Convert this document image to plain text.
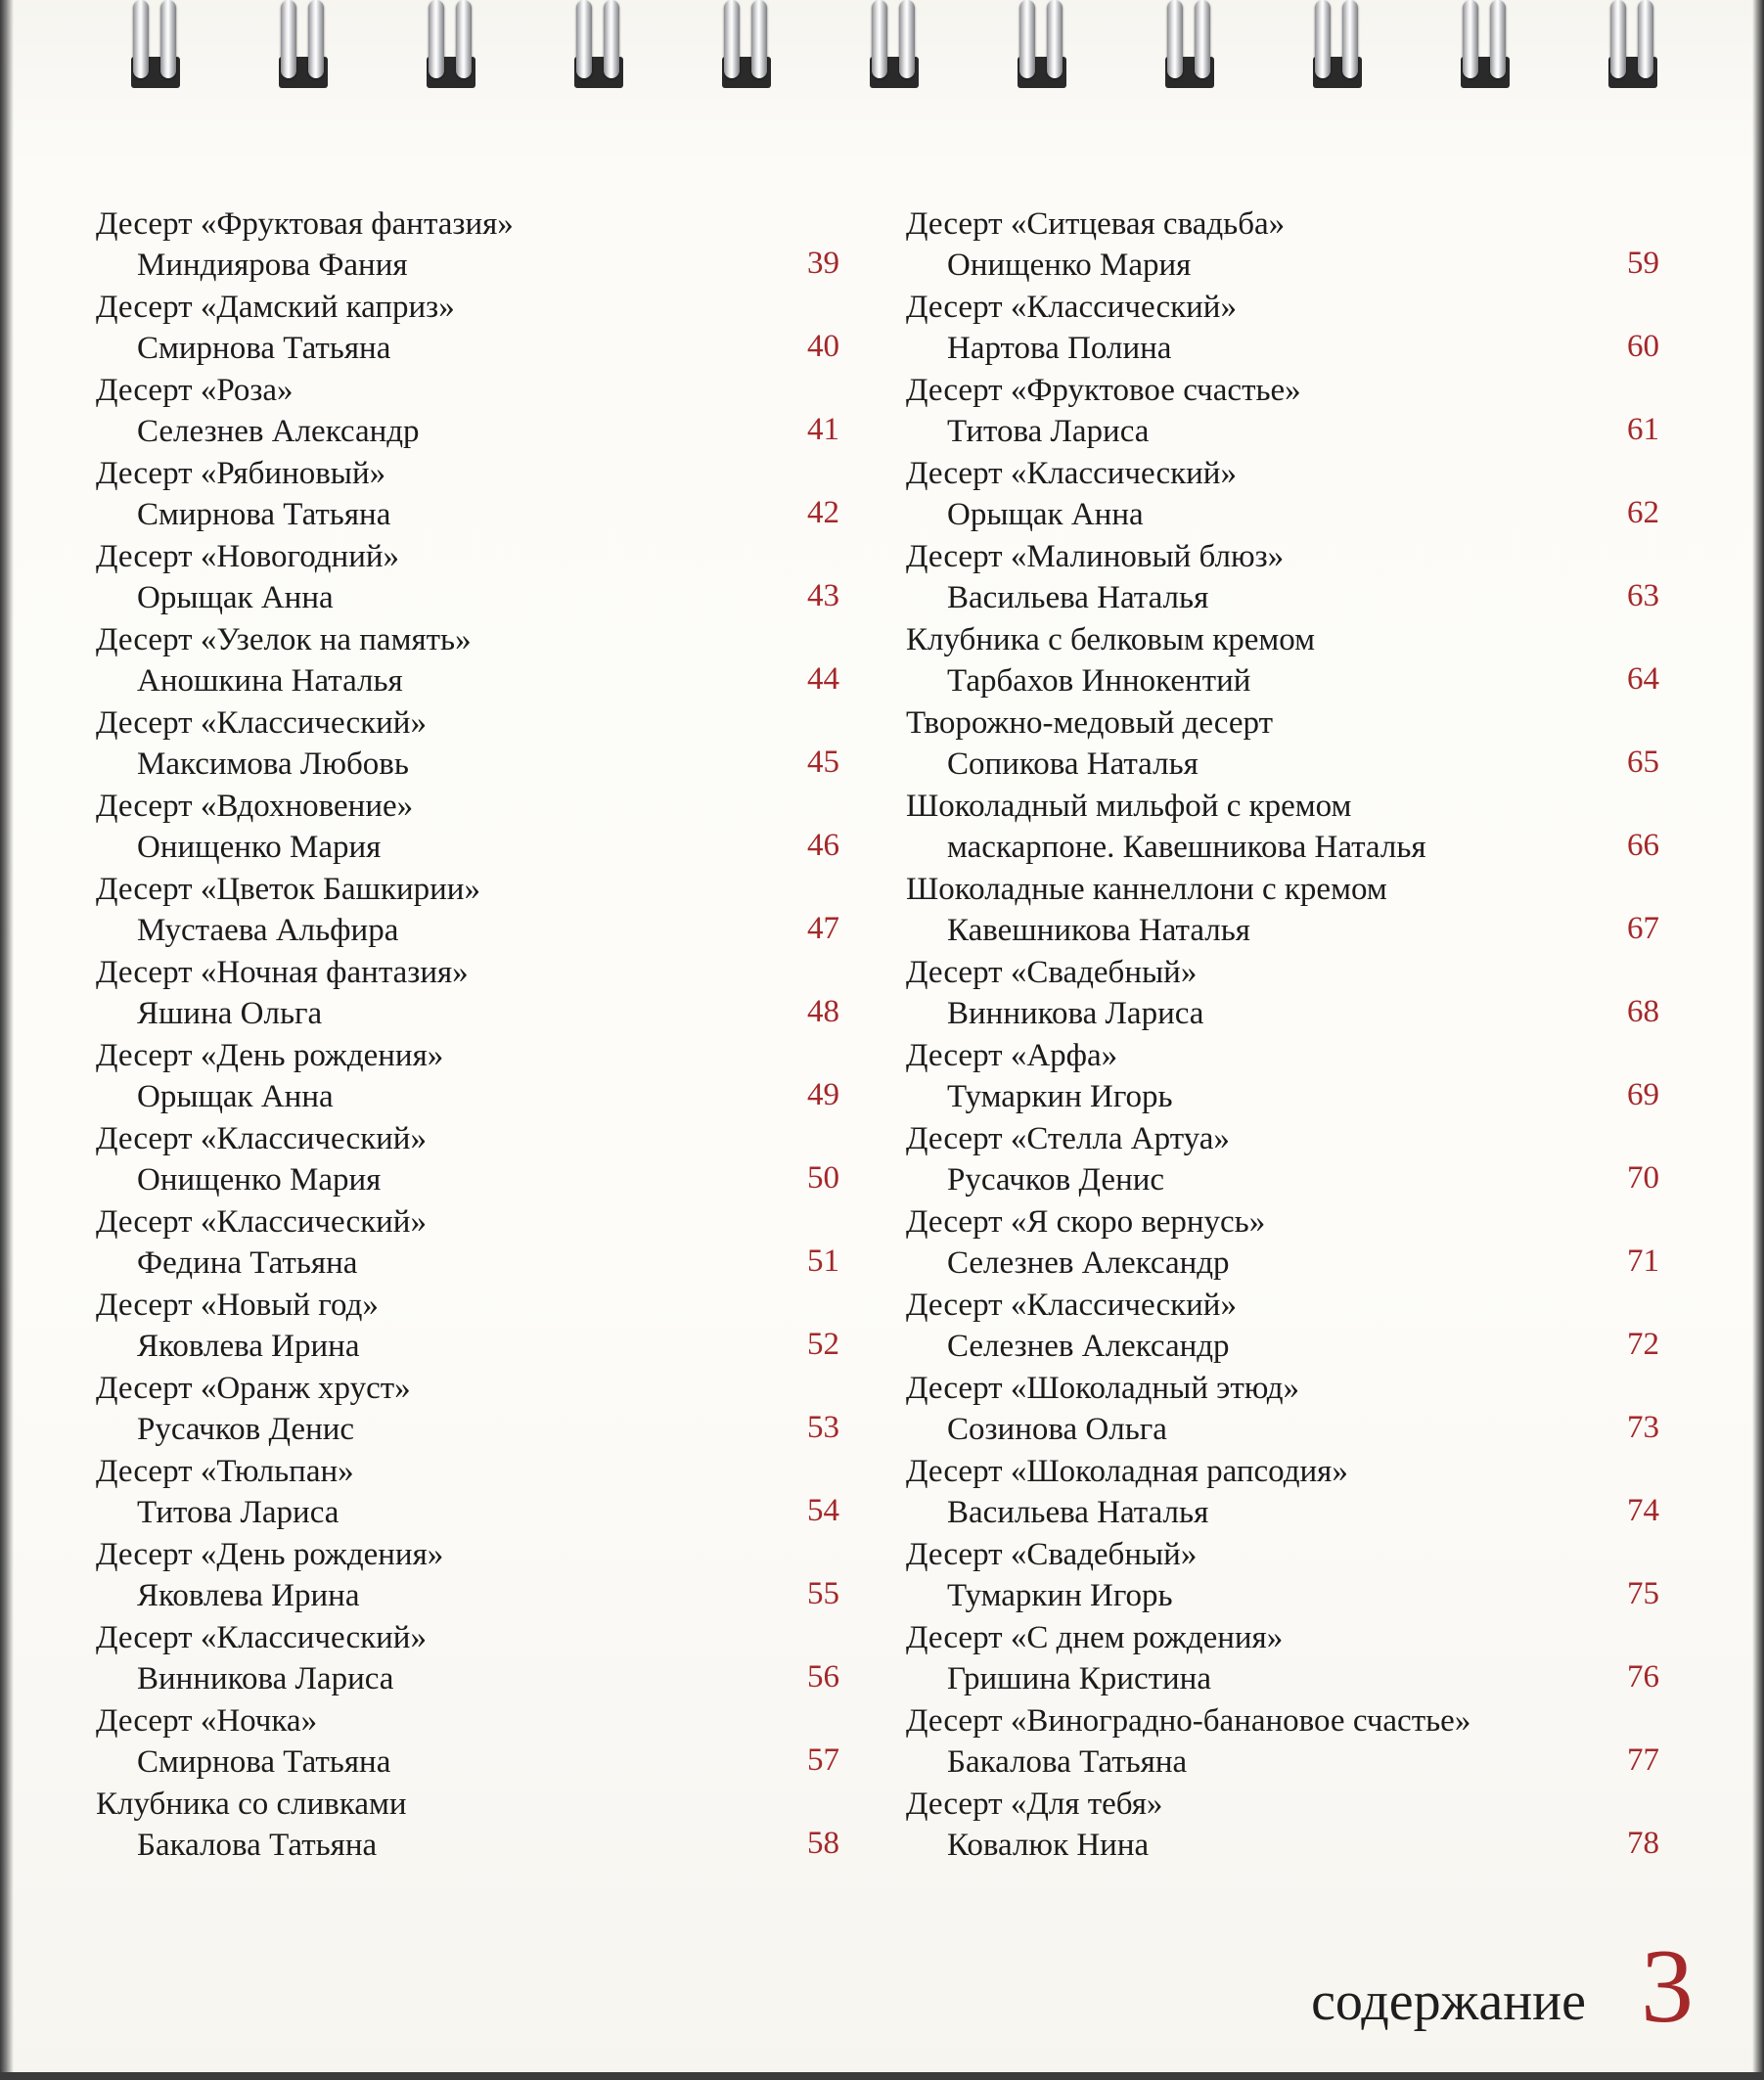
Десерт «Фруктовая фантазия»
Миндиярова Фания	39
Десерт «Дамский каприз»
Смирнова Татьяна	40
Десерт «Роза»
Селезнев Александр	41
Десерт «Рябиновый»
Смирнова Татьяна	42
Десерт «Новогодний»
Орыщак Анна	43
Десерт «Узелок на память»
Аношкина Наталья	44
Десерт «Классический»
Максимова Любовь	45
Десерт «Вдохновение»
Онищенко Мария	46
Десерт «Цветок Башкирии»
Мустаева Альфира	47
Десерт «Ночная фантазия»
Яшина Ольга	48
Десерт «День рождения»
Орыщак Анна	49
Десерт «Классический»
Онищенко Мария	50
Десерт «Классический»
Федина Татьяна	51
Десерт «Новый год»
Яковлева Ирина	52
Десерт «Оранж хруст»
Русачков Денис	53
Десерт «Тюльпан»
Титова Лариса	54
Десерт «День рождения»
Яковлева Ирина	55
Десерт «Классический»
Винникова Лариса	56
Десерт «Ночка»
Смирнова Татьяна	57
Клубника со сливками
Бакалова Татьяна	58
Десерт «Ситцевая свадьба»
Онищенко Мария	59
Десерт «Классический»
Нартова Полина	60
Десерт «Фруктовое счастье»
Титова Лариса	61
Десерт «Классический»
Орыщак Анна	62
Десерт «Малиновый блюз»
Васильева Наталья	63
Клубника с белковым кремом
Тарбахов Иннокентий	64
Творожно-медовый десерт
Сопикова Наталья	65
Шоколадный мильфой с кремом
маскарпоне. Кавешникова Наталья	66
Шоколадные каннеллони с кремом
Кавешникова Наталья	67
Десерт «Свадебный»
Винникова Лариса	68
Десерт «Арфа»
Тумаркин Игорь	69
Десерт «Стелла Артуа»
Русачков Денис	70
Десерт «Я скоро вернусь»
Селезнев Александр	71
Десерт «Классический»
Селезнев Александр	72
Десерт «Шоколадный этюд»
Созинова Ольга	73
Десерт «Шоколадная рапсодия»
Васильева Наталья	74
Десерт «Свадебный»
Тумаркин Игорь	75
Десерт «С днем рождения»
Гришина Кристина	76
Десерт «Виноградно-банановое счастье»
Бакалова Татьяна	77
Десерт «Для тебя»
Ковалюк Нина	78
содержание 3
